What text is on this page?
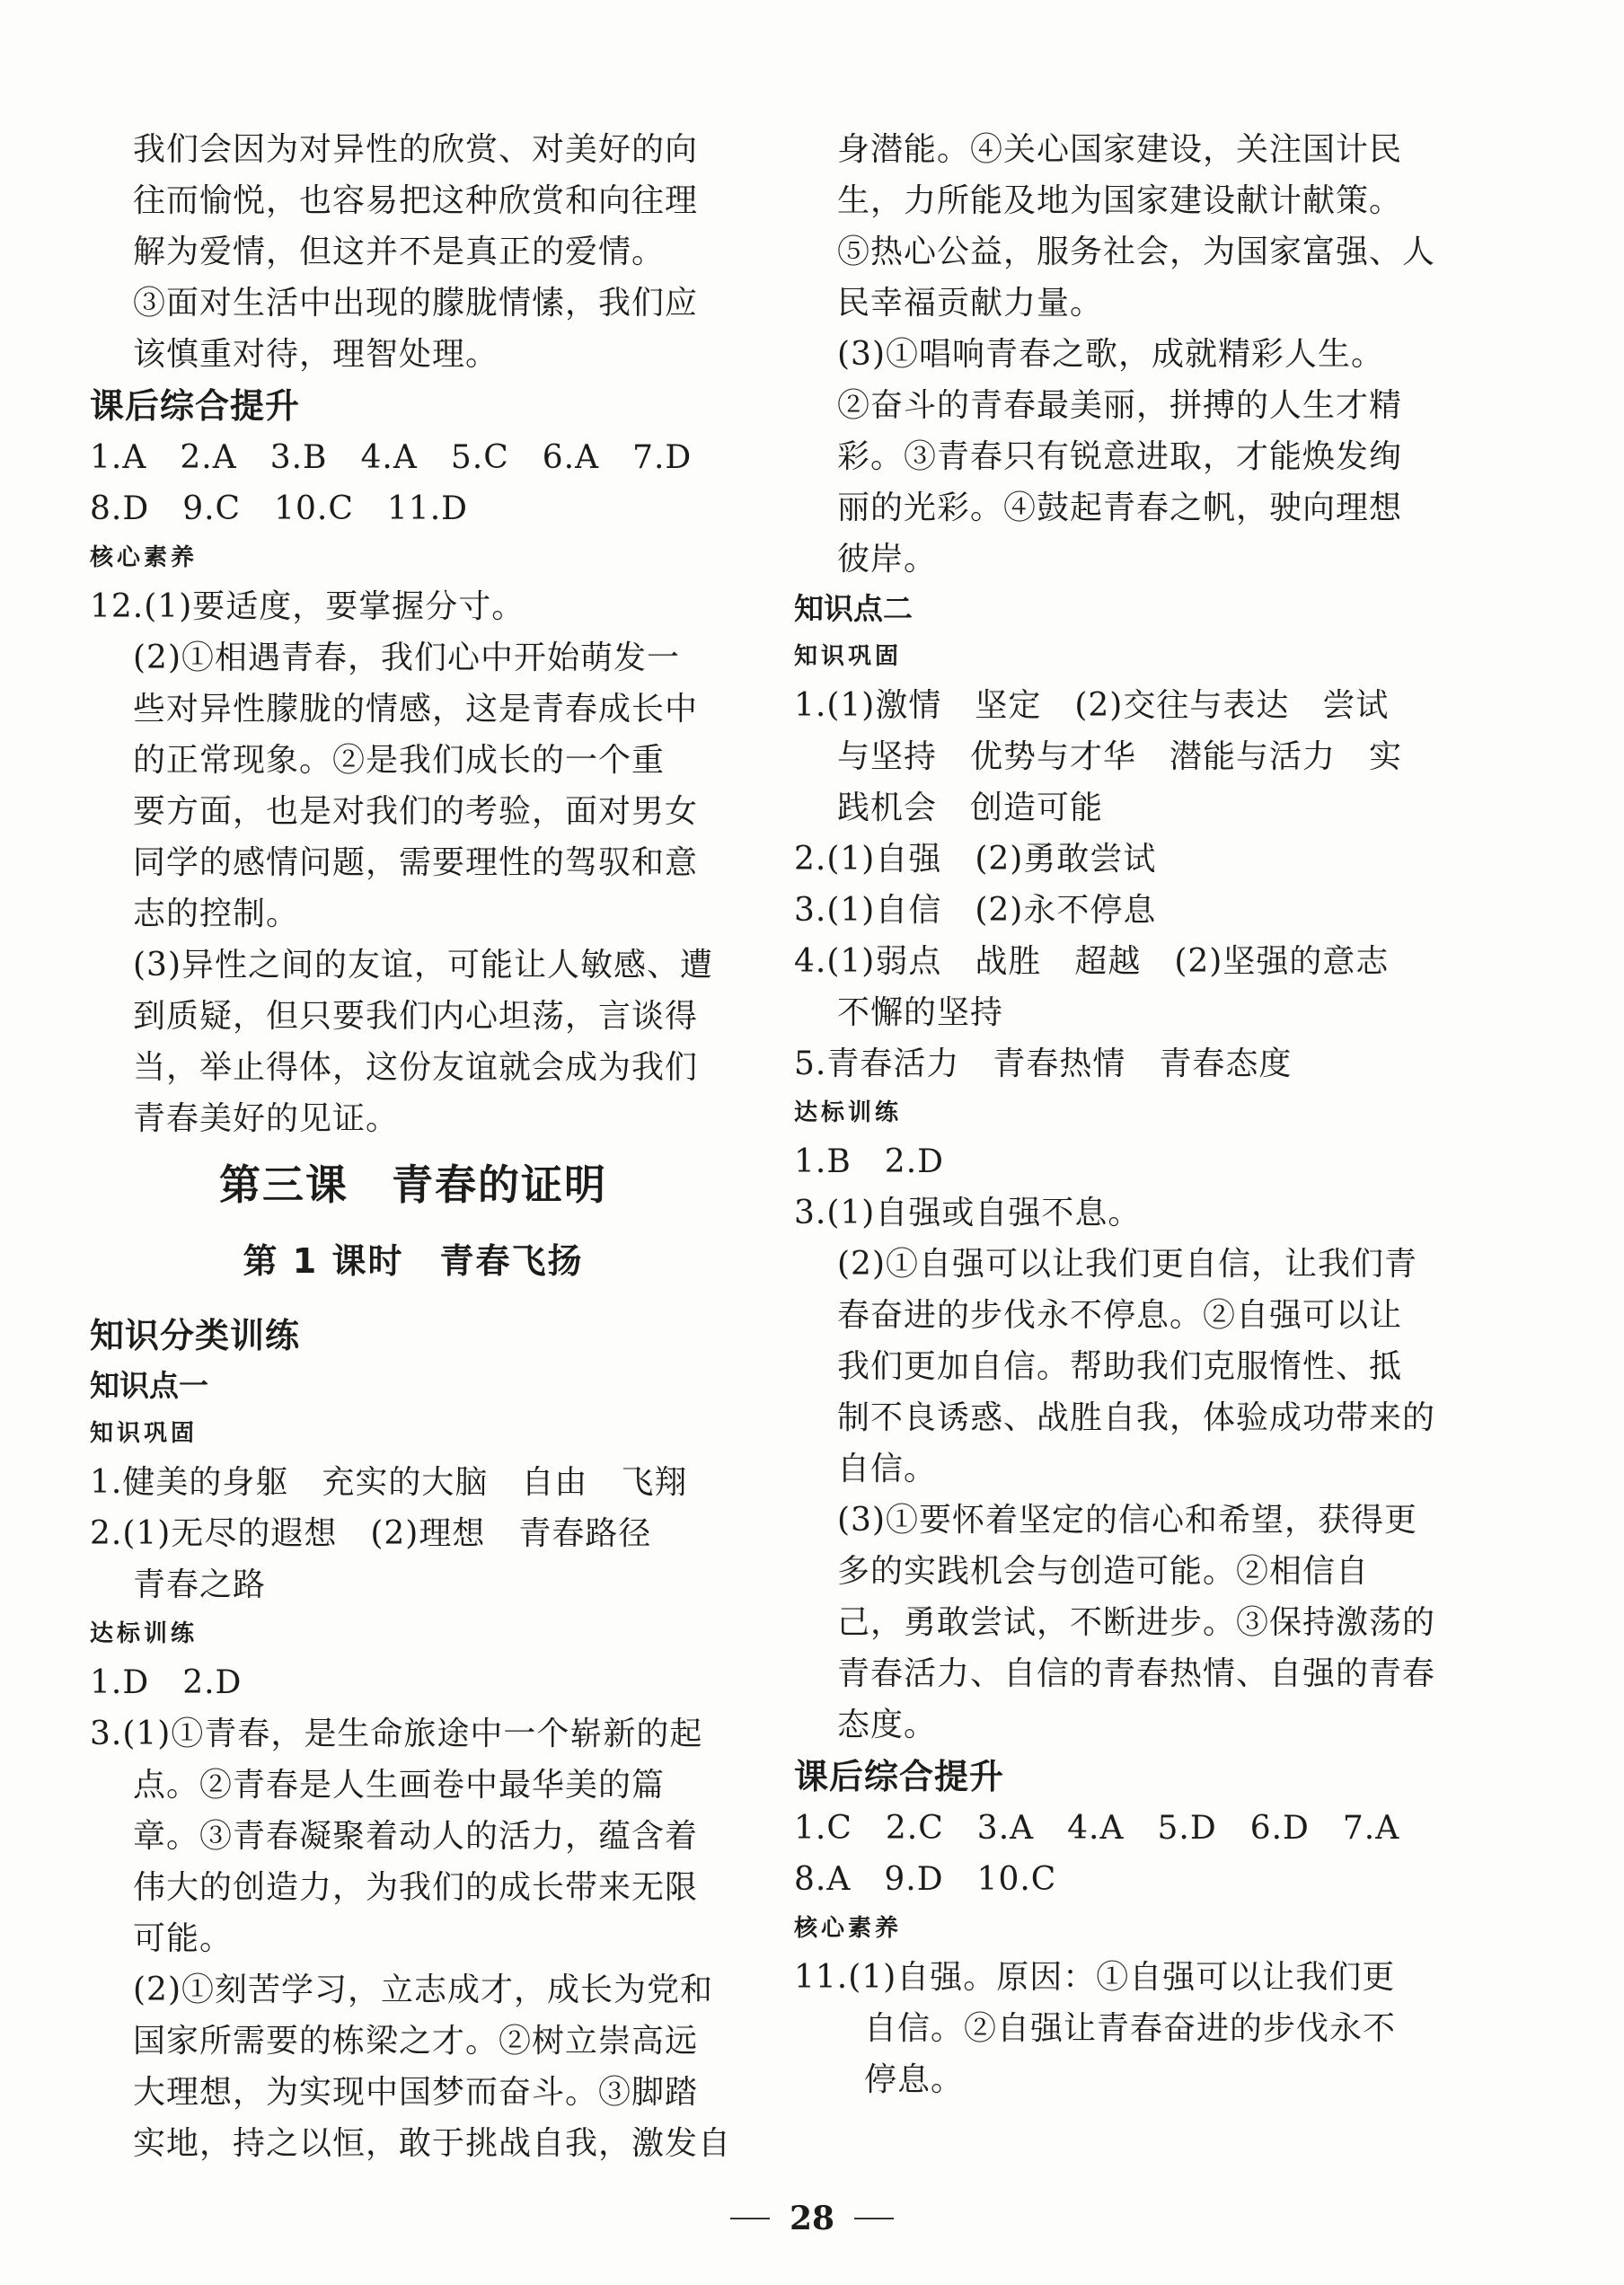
我们会因为对异性的欣赏、对美好的向
往而愉悦，也容易把这种欣赏和向往理
解为爱情，但这并不是真正的爱情。
③面对生活中出现的朦胧情愫，我们应
该慎重对待，理智处理。
课后综合提升
1.A　2.A　3.B　4.A　5.C　6.A　7.D
8.D　9.C　10.C　11.D
核心素养
12.(1)要适度，要掌握分寸。
(2)①相遇青春，我们心中开始萌发一
些对异性朦胧的情感，这是青春成长中
的正常现象。②是我们成长的一个重
要方面，也是对我们的考验，面对男女
同学的感情问题，需要理性的驾驭和意
志的控制。
(3)异性之间的友谊，可能让人敏感、遭
到质疑，但只要我们内心坦荡，言谈得
当，举止得体，这份友谊就会成为我们
青春美好的见证。
第三课　青春的证明
第 1 课时　青春飞扬
知识分类训练
知识点一
知识巩固
1.健美的身躯　充实的大脑　自由　飞翔
2.(1)无尽的遐想　(2)理想　青春路径
青春之路
达标训练
1.D　2.D
3.(1)①青春，是生命旅途中一个崭新的起
点。②青春是人生画卷中最华美的篇
章。③青春凝聚着动人的活力，蕴含着
伟大的创造力，为我们的成长带来无限
可能。
(2)①刻苦学习，立志成才，成长为党和
国家所需要的栋梁之才。②树立崇高远
大理想，为实现中国梦而奋斗。③脚踏
实地，持之以恒，敢于挑战自我，激发自
身潜能。④关心国家建设，关注国计民
生，力所能及地为国家建设献计献策。
⑤热心公益，服务社会，为国家富强、人
民幸福贡献力量。
(3)①唱响青春之歌，成就精彩人生。
②奋斗的青春最美丽，拼搏的人生才精
彩。③青春只有锐意进取，才能焕发绚
丽的光彩。④鼓起青春之帆，驶向理想
彼岸。
知识点二
知识巩固
1.(1)激情　坚定　(2)交往与表达　尝试
与坚持　优势与才华　潜能与活力　实
践机会　创造可能
2.(1)自强　(2)勇敢尝试
3.(1)自信　(2)永不停息
4.(1)弱点　战胜　超越　(2)坚强的意志
不懈的坚持
5.青春活力　青春热情　青春态度
达标训练
1.B　2.D
3.(1)自强或自强不息。
(2)①自强可以让我们更自信，让我们青
春奋进的步伐永不停息。②自强可以让
我们更加自信。帮助我们克服惰性、抵
制不良诱惑、战胜自我，体验成功带来的
自信。
(3)①要怀着坚定的信心和希望，获得更
多的实践机会与创造可能。②相信自
己，勇敢尝试，不断进步。③保持激荡的
青春活力、自信的青春热情、自强的青春
态度。
课后综合提升
1.C　2.C　3.A　4.A　5.D　6.D　7.A
8.A　9.D　10.C
核心素养
11.(1)自强。原因：①自强可以让我们更
自信。②自强让青春奋进的步伐永不
停息。
28
